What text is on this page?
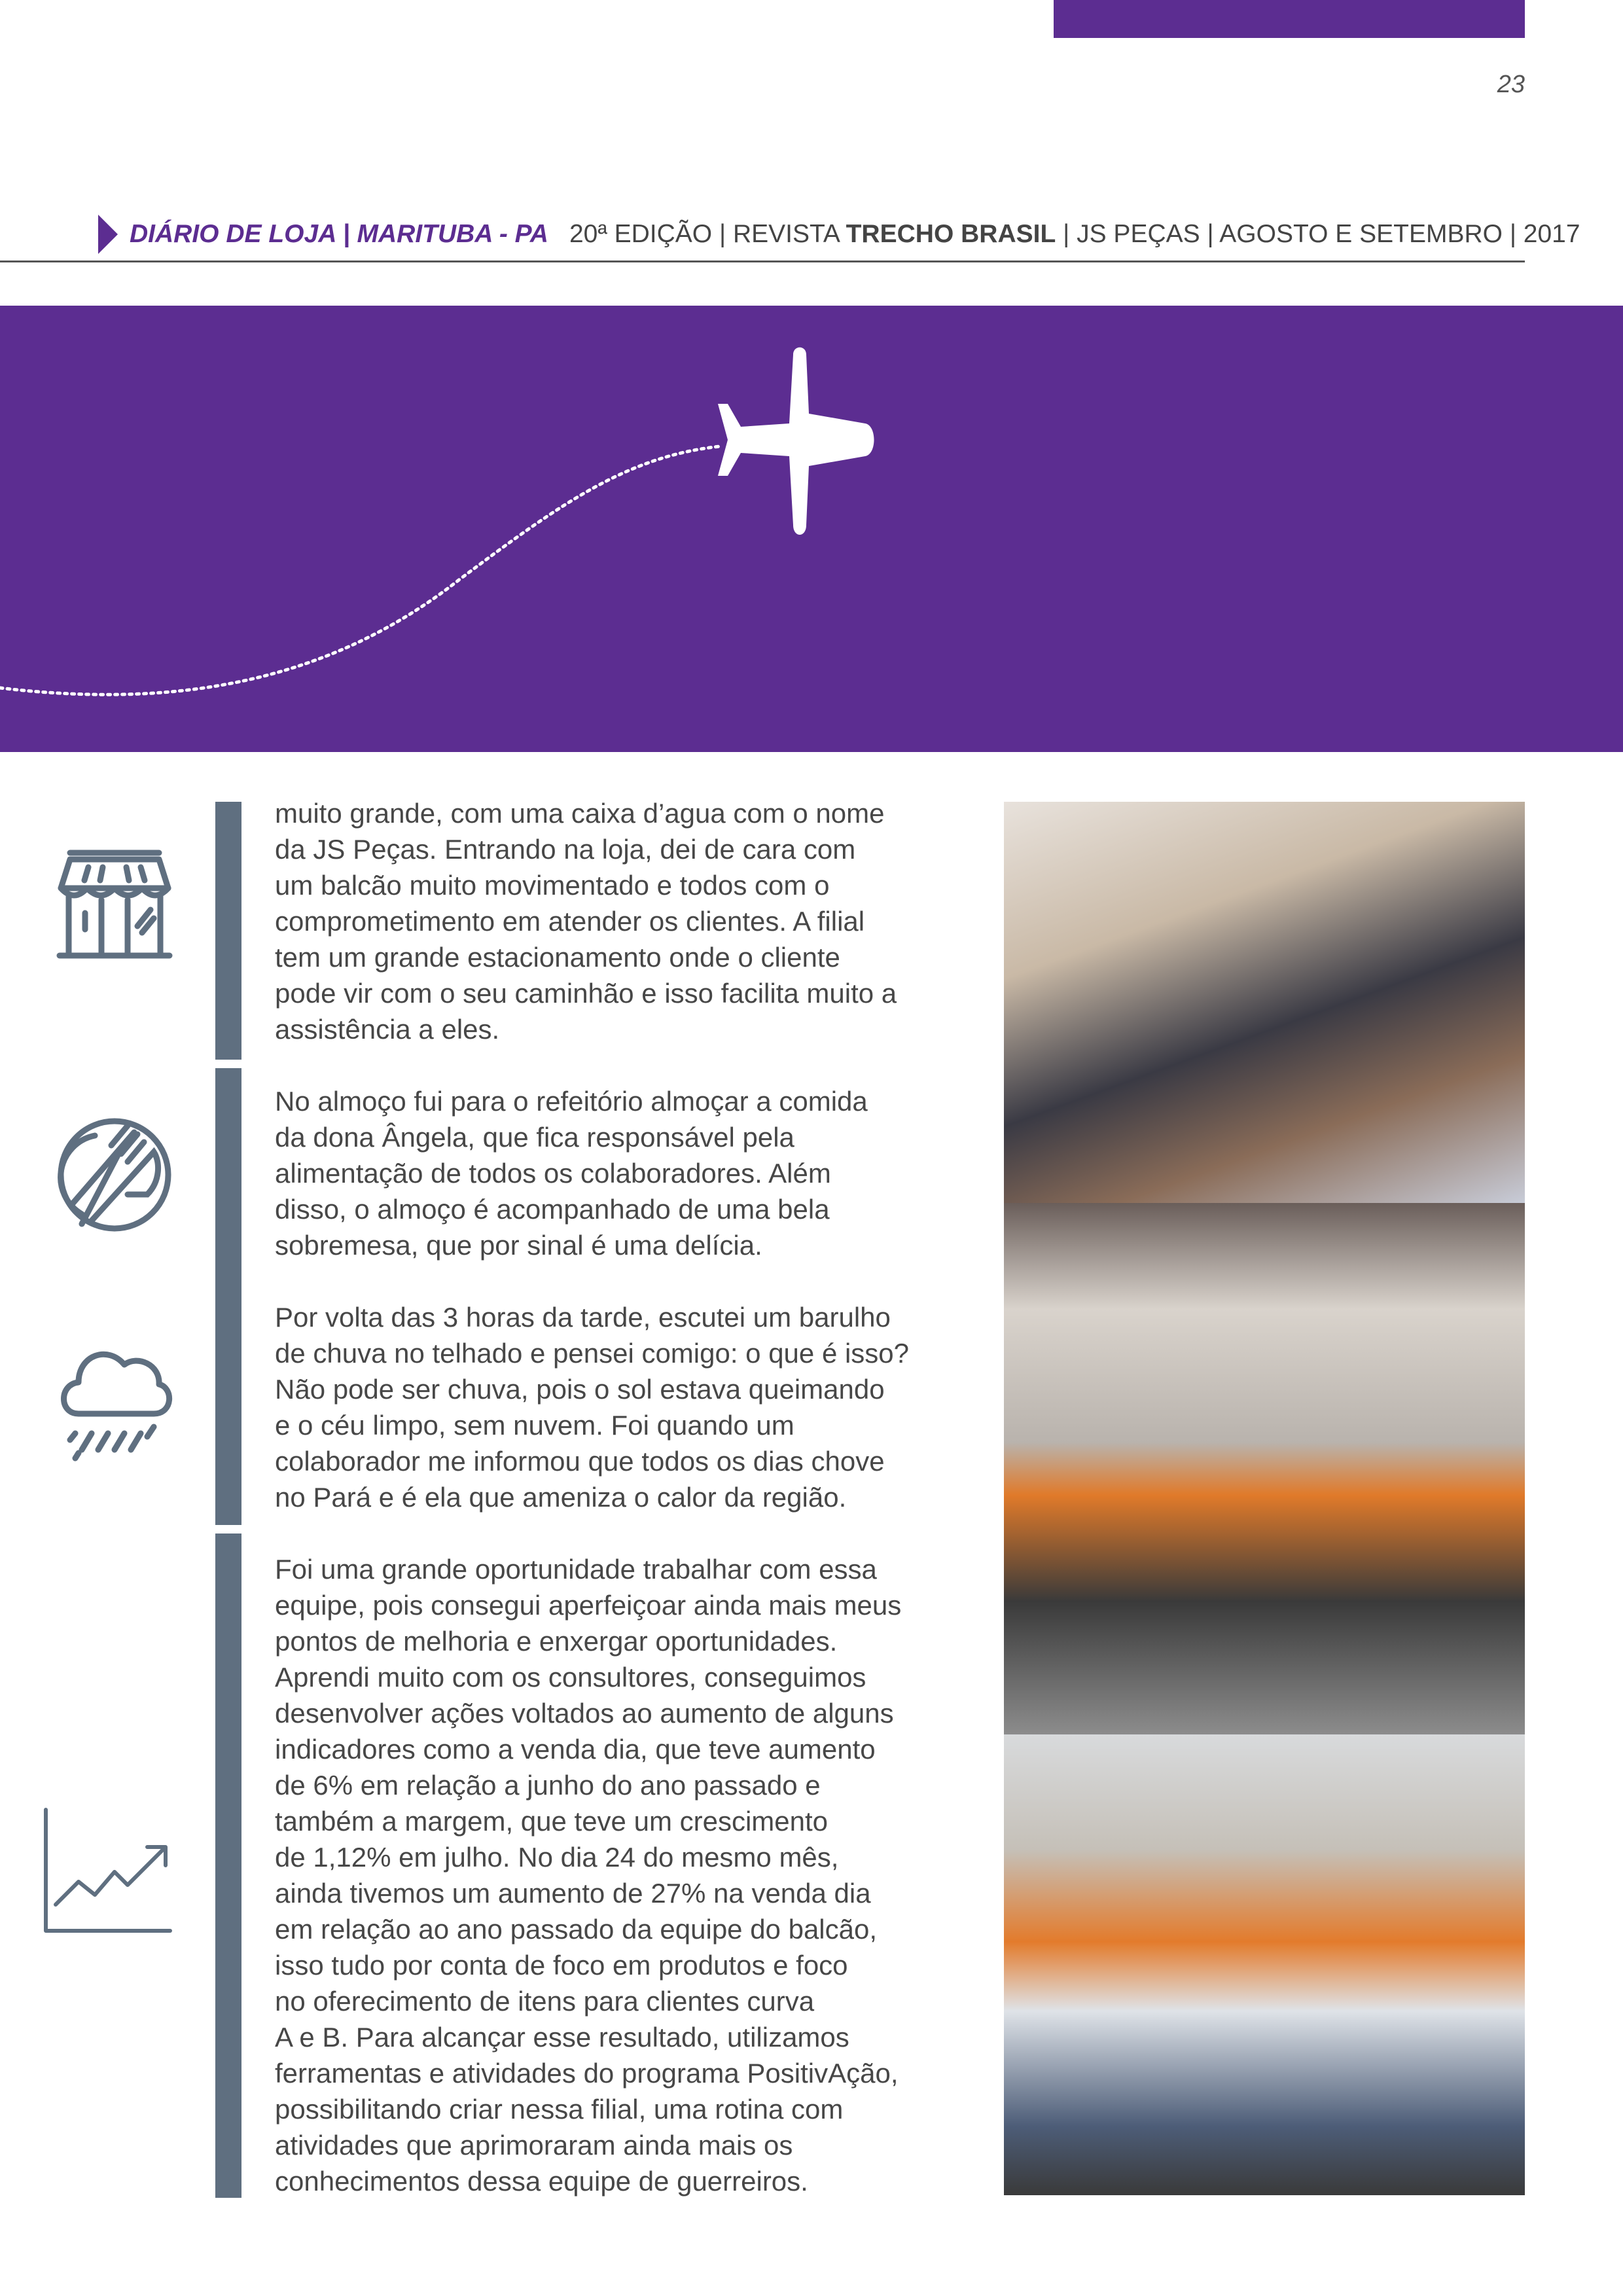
23
DIÁRIO DE LOJA | MARITUBA - PA 20ª EDIÇÃO | REVISTA TRECHO BRASIL | JS PEÇAS | AGOSTO E SETEMBRO | 2017
muito grande, com uma caixa d’agua com o nome
da JS Peças. Entrando na loja, dei de cara com
um balcão muito movimentado e todos com o
comprometimento em atender os clientes. A filial
tem um grande estacionamento onde o cliente
pode vir com o seu caminhão e isso facilita muito a
assistência a eles.
No almoço fui para o refeitório almoçar a comida
da dona Ângela, que fica responsável pela
alimentação de todos os colaboradores. Além
disso, o almoço é acompanhado de uma bela
sobremesa, que por sinal é uma delícia.
Por volta das 3 horas da tarde, escutei um barulho
de chuva no telhado e pensei comigo: o que é isso?
Não pode ser chuva, pois o sol estava queimando
e o céu limpo, sem nuvem. Foi quando um
colaborador me informou que todos os dias chove
no Pará e é ela que ameniza o calor da região.
Foi uma grande oportunidade trabalhar com essa
equipe, pois consegui aperfeiçoar ainda mais meus
pontos de melhoria e enxergar oportunidades.
Aprendi muito com os consultores, conseguimos
desenvolver ações voltados ao aumento de alguns
indicadores como a venda dia, que teve aumento
de 6% em relação a junho do ano passado e
também a margem, que teve um crescimento
de 1,12% em julho. No dia 24 do mesmo mês,
ainda tivemos um aumento de 27% na venda dia
em relação ao ano passado da equipe do balcão,
isso tudo por conta de foco em produtos e foco
no oferecimento de itens para clientes curva
A e B. Para alcançar esse resultado, utilizamos
ferramentas e atividades do programa PositivAção,
possibilitando criar nessa filial, uma rotina com
atividades que aprimoraram ainda mais os
conhecimentos dessa equipe de guerreiros.
